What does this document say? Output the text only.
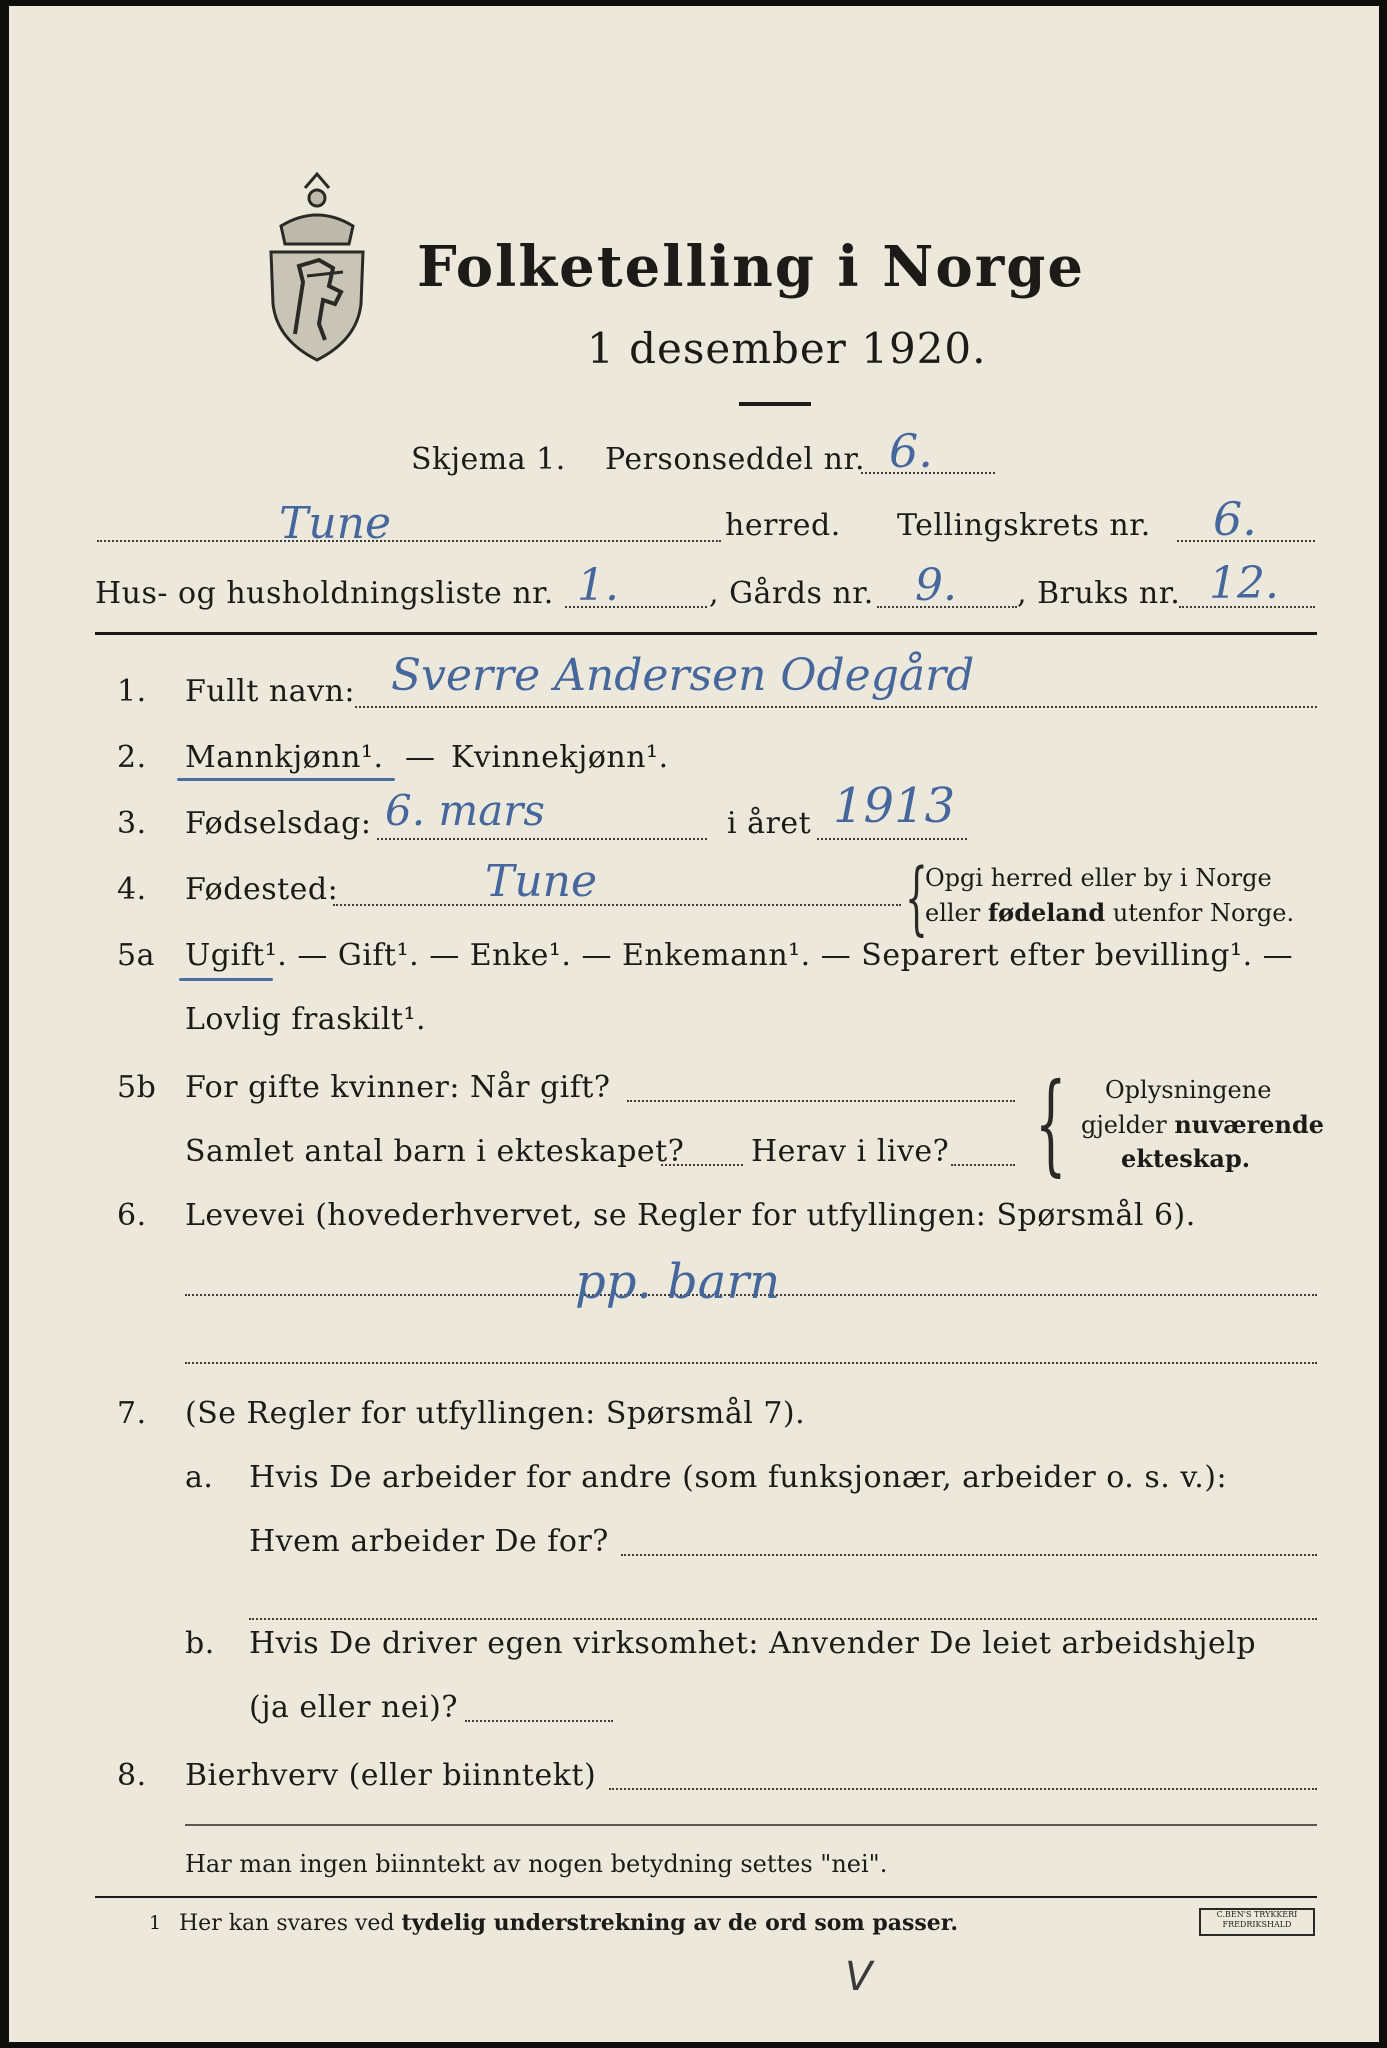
Folketelling i Norge
1 desember 1920.
Skjema 1. Personseddel nr. 6.
Tune	herred. Tellingskrets nr. 6.
Hus- og husholdningsliste nr. 1.	, Gårds nr. 9. , Bruks nr. 12.
1. Fullt navn: Sverre Andersen Odegård
2. Mannkjønn¹. — Kvinnekjønn¹.
3. Fødselsdag: 6. mars	i året 1913
4. Fødested:	Tune	{
Opgi herred eller by i Norge
eller fødeland utenfor Norge.
5a Ugift¹. — Gift¹. — Enke¹. — Enkemann¹. — Separert efter bevilling¹. —
Lovlig fraskilt¹.
5b For gifte kvinner: Når gift?
Samlet antal barn i ekteskapet? Herav i live? { Oplysningene
gjelder nuværende
ekteskap.
6. Levevei (hovederhvervet, se Regler for utfyllingen: Spørsmål 6).
pp. barn
7. (Se Regler for utfyllingen: Spørsmål 7).
a. Hvis De arbeider for andre (som funksjonær, arbeider o. s. v.):
Hvem arbeider De for?
b. Hvis De driver egen virksomhet: Anvender De leiet arbeidshjelp
(ja eller nei)?
8. Bierhverv (eller biinntekt)
Har man ingen biinntekt av nogen betydning settes "nei".
1 Her kan svares ved tydelig understrekning av de ord som passer.	C.BEN'S TRYKKERI
FREDRIKSHALD
V
